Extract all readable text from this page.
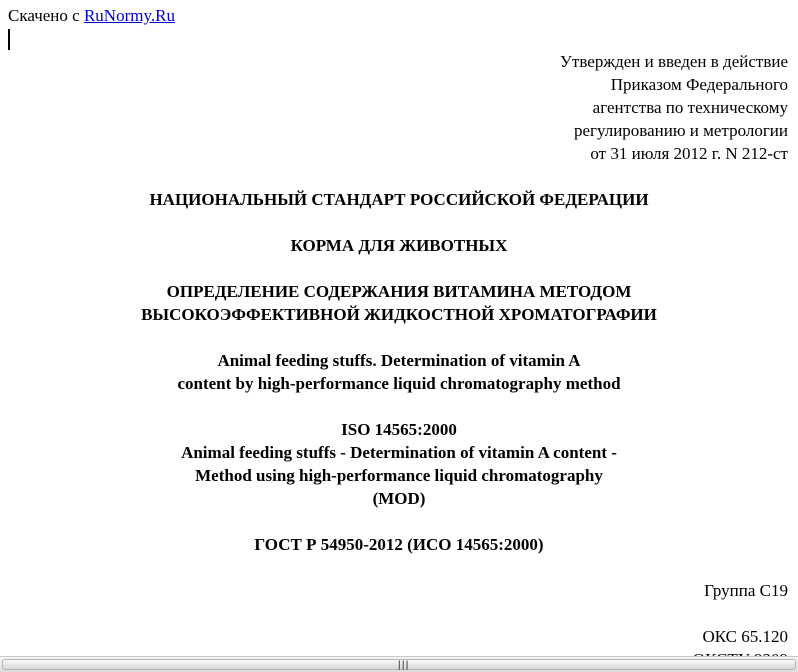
Скачено с RuNormy.Ru
Утвержден и введен в действие
Приказом Федерального
агентства по техническому
регулированию и метрологии
от 31 июля 2012 г. N 212-ст
НАЦИОНАЛЬНЫЙ СТАНДАРТ РОССИЙСКОЙ ФЕДЕРАЦИИ
КОРМА ДЛЯ ЖИВОТНЫХ
ОПРЕДЕЛЕНИЕ СОДЕРЖАНИЯ ВИТАМИНА МЕТОДОМ
ВЫСОКОЭФФЕКТИВНОЙ ЖИДКОСТНОЙ ХРОМАТОГРАФИИ
Animal feeding stuffs. Determination of vitamin A
content by high-performance liquid chromatography method
ISO 14565:2000
Animal feeding stuffs - Determination of vitamin A content -
Method using high-performance liquid chromatography
(MOD)
ГОСТ Р 54950-2012 (ИСО 14565:2000)
Группа С19
ОКС 65.120
┃┃┃
